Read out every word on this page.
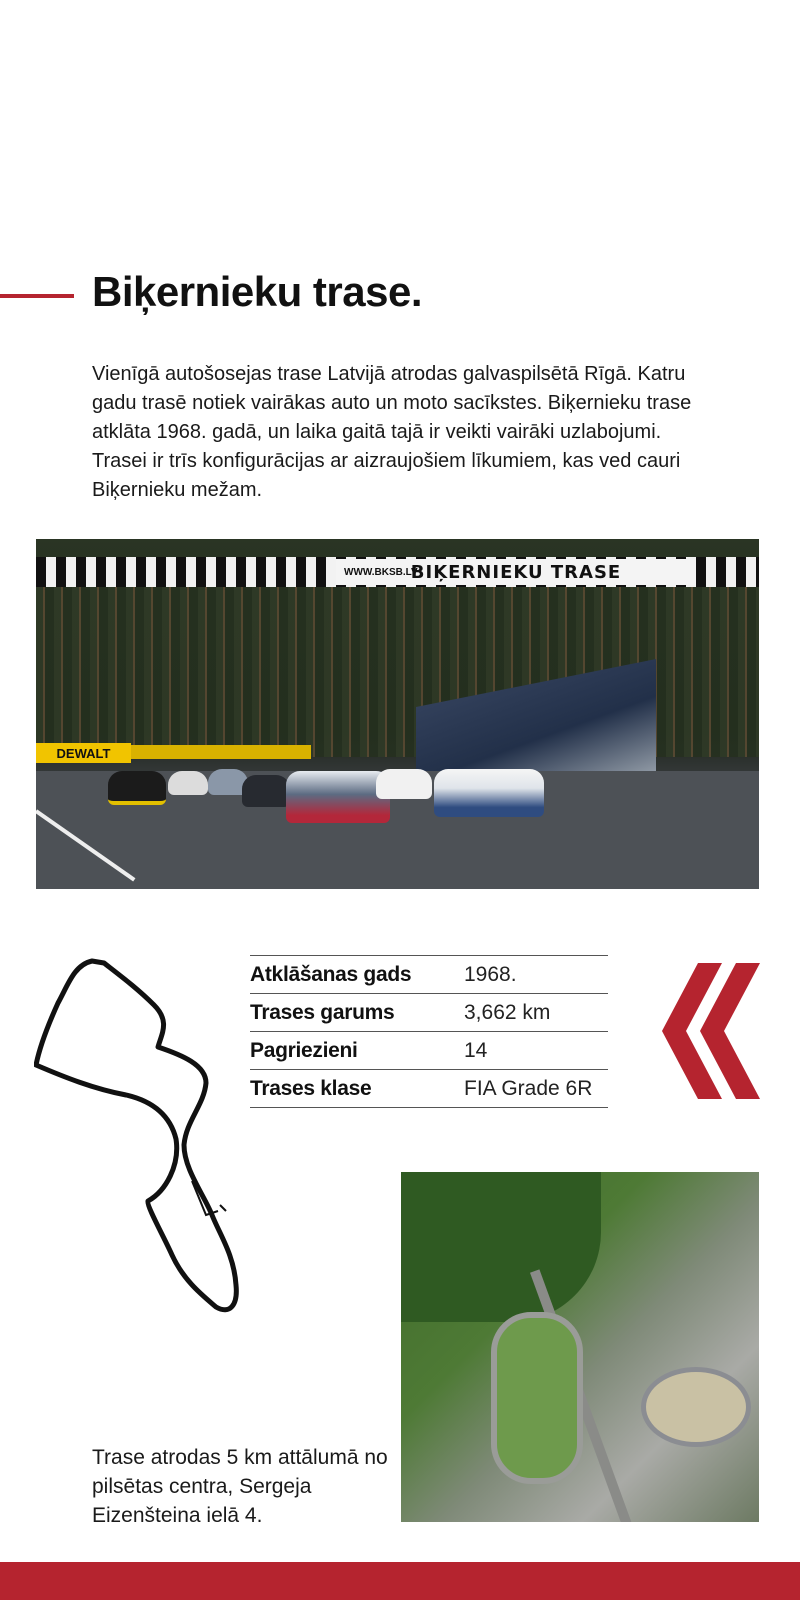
Biķernieku trase.

Vienīgā autošosejas trase Latvijā atrodas galvaspilsētā Rīgā. Katru gadu trasē notiek vairākas auto un moto sacīkstes. Biķernieku trase atklāta 1968. gadā, un laika gaitā tajā ir veikti vairāki uzlabojumi. Trasei ir trīs konfigurācijas ar aizraujošiem līkumiem, kas ved cauri Biķernieku mežam.

BIĶERNIEKU TRASE
WWW.BKSB.LV
DEWALT
Atklāšanas gads	1968.
Trases garums	3,662 km
Pagriezieni	14
Trases klase	FIA Grade 6R

Trase atrodas 5 km attālumā no pilsētas centra, Sergeja Eizenšteina ielā 4.
